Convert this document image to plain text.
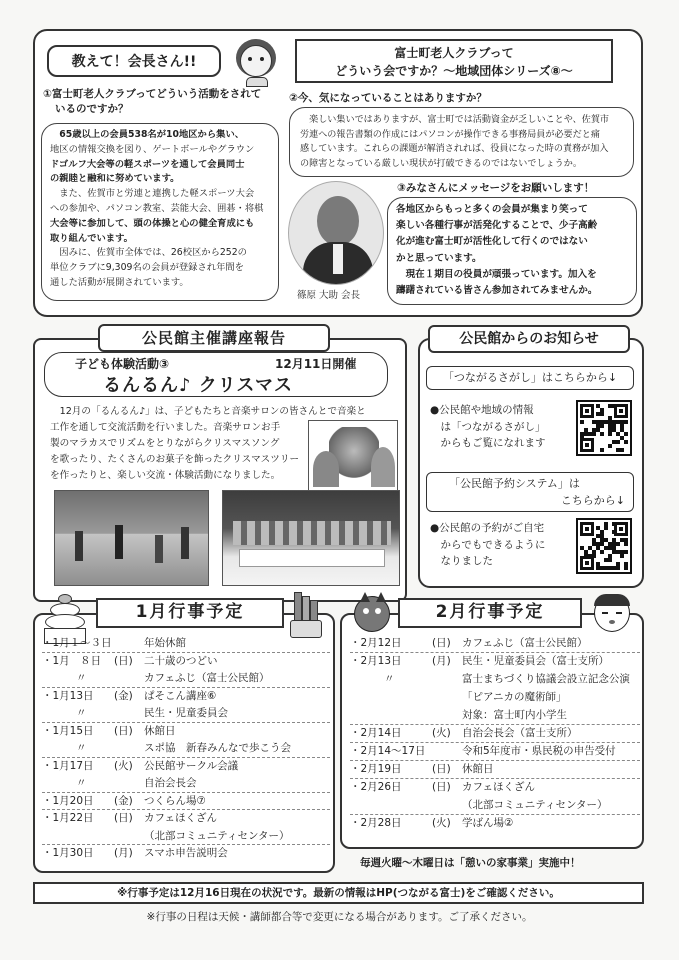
教えて！会長さん!!
富士町老人クラブって
どういう会ですか？～地域団体シリーズ⑧～
①富士町老人クラブってどういう活動をされて
いるのですか？
65歳以上の会員538名が10地区から集い、
地区の情報交換を図り、ゲートボールやグラウン
ドゴルフ大会等の軽スポーツを通して会員同士
の親睦と融和に努めています。
また、佐賀市と労連と連携した軽スポーツ大会
への参加や、パソコン教室、芸能大会、囲碁・将棋
大会等に参加して、頭の体操と心の健全育成にも
取り組んでいます。
因みに、佐賀市全体では、26校区から252の
単位クラブに9,309名の会員が登録され年間を
通した活動が展開されています。
②今、気になっていることはありますか？
楽しい集いではありますが、富士町では活動資金が乏しいことや、佐賀市
労連への報告書類の作成にはパソコンが操作できる事務局員が必要だと痛
感しています。これらの課題が解消されれば、役員になった時の責務が加入
の障害となっている厳しい現状が打破できるのではないでしょうか。
篠原 大助 会長
③みなさんにメッセージをお願いします！
各地区からもっと多くの会員が集まり笑って
楽しい各種行事が活発化することで、少子高齢
化が進む富士町が活性化して行くのではない
かと思っています。
現在１期目の役員が頑張っています。加入を
躊躇されている皆さん参加されてみませんか。
公民館主催講座報告
子ども体験活動③	12月11日開催
るんるん♪ クリスマス
12月の「るんるん♪」は、子どもたちと音楽サロンの皆さんとで音楽と
工作を通して交流活動を行いました。音楽サロンお手
製のマラカスでリズムをとりながらクリスマスソング
を歌ったり、たくさんのお菓子を飾ったクリスマスツリー
を作ったりと、楽しい交流・体験活動になりました。
公民館からのお知らせ
「つながるさがし」はこちらから↓
●公民館や地域の情報
は「つながるさがし」
からもご覧になれます
「公民館予約システム」は
こちらから↓
●公民館の予約がご自宅
からでもできるように
なりました
1月行事予定
・1月１～３日	年始休館
・1月　８日 (日) 二十歳のつどい
〃	カフェふじ（富士公民館）
・1月13日 (金) ぱそこん講座⑥
〃	民生・児童委員会
・1月15日 (日) 休館日
〃	スポ協　新春みんなで歩こう会
・1月17日 (火) 公民館サークル会議
〃	自治会長会
・1月20日 (金) つくらん場⑦
・1月22日 (日) カフェほくざん
（北部コミュニティセンター）
・1月30日 (月) スマホ申告説明会
2月行事予定
・2月12日	(日) カフェふじ（富士公民館）
・2月13日	(月) 民生・児童委員会（富士支所）
〃	富士まちづくり協議会設立記念公演
「ピアニカの魔術師」
対象：富士町内小学生
・2月14日	(火) 自治会長会（富士支所）
・2月14～17日	令和5年度市・県民税の申告受付
・2月19日	(日) 休館日
・2月26日	(日) カフェほくざん
（北部コミュニティセンター）
・2月28日	(火) 学ばん場②
毎週火曜～木曜日は「憩いの家事業」実施中！
※行事予定は12月16日現在の状況です。最新の情報はHP(つながる富士)をご確認ください。
※行事の日程は天候・講師都合等で変更になる場合があります。ご了承ください。
